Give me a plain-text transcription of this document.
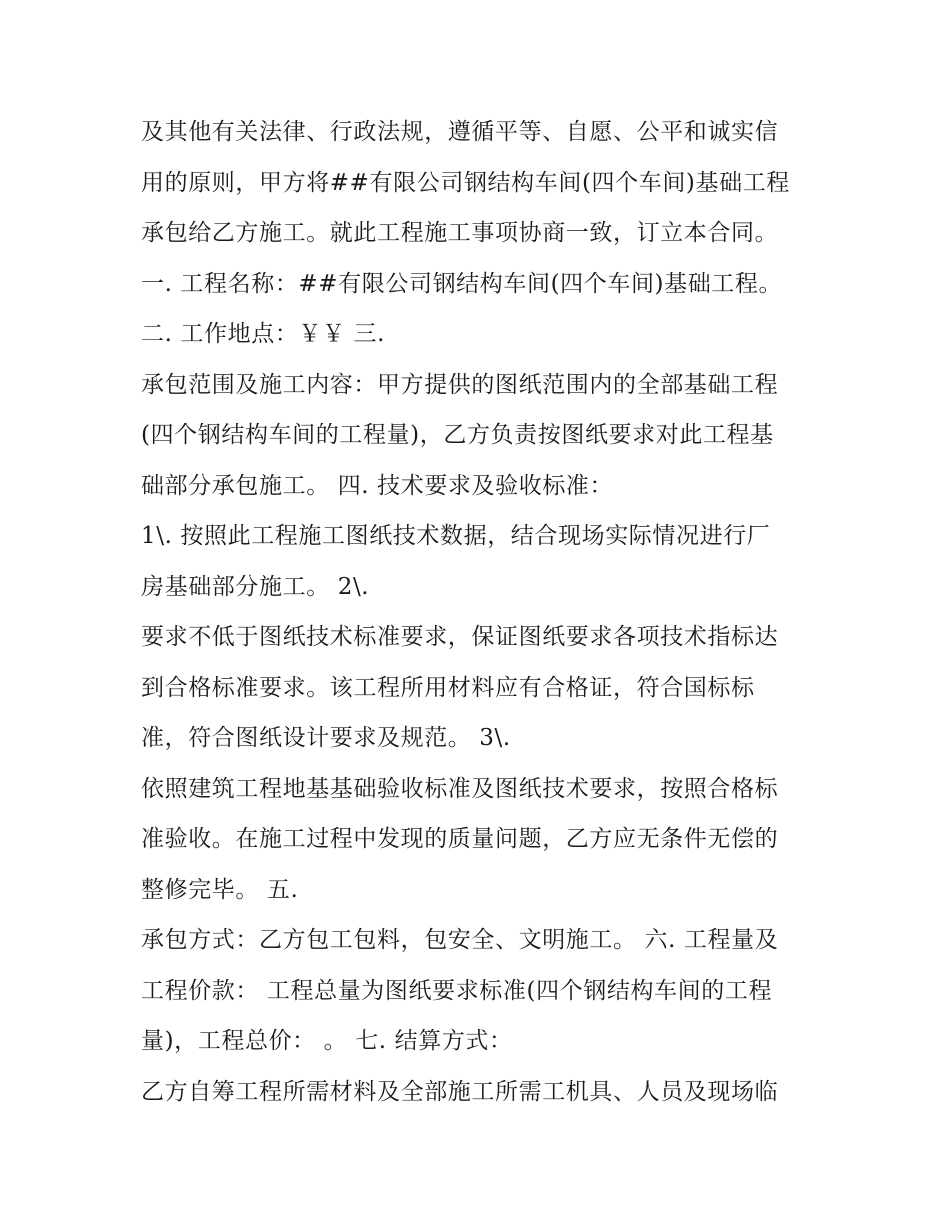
及其他有关法律、行政法规，遵循平等、自愿、公平和诚实信
用的原则，甲方将##有限公司钢结构车间(四个车间)基础工程
承包给乙方施工。就此工程施工事项协商一致，订立本合同。
一. 工程名称：##有限公司钢结构车间(四个车间)基础工程。
二. 工作地点：￥￥ 三.
承包范围及施工内容：甲方提供的图纸范围内的全部基础工程
(四个钢结构车间的工程量)，乙方负责按图纸要求对此工程基
础部分承包施工。 四. 技术要求及验收标准：
1\. 按照此工程施工图纸技术数据，结合现场实际情况进行厂
房基础部分施工。 2\.
要求不低于图纸技术标准要求，保证图纸要求各项技术指标达
到合格标准要求。该工程所用材料应有合格证，符合国标标
准，符合图纸设计要求及规范。 3\.
依照建筑工程地基基础验收标准及图纸技术要求，按照合格标
准验收。在施工过程中发现的质量问题，乙方应无条件无偿的
整修完毕。 五.
承包方式：乙方包工包料，包安全、文明施工。 六. 工程量及
工程价款： 工程总量为图纸要求标准(四个钢结构车间的工程
量)，工程总价： 。 七. 结算方式：
乙方自筹工程所需材料及全部施工所需工机具、人员及现场临
